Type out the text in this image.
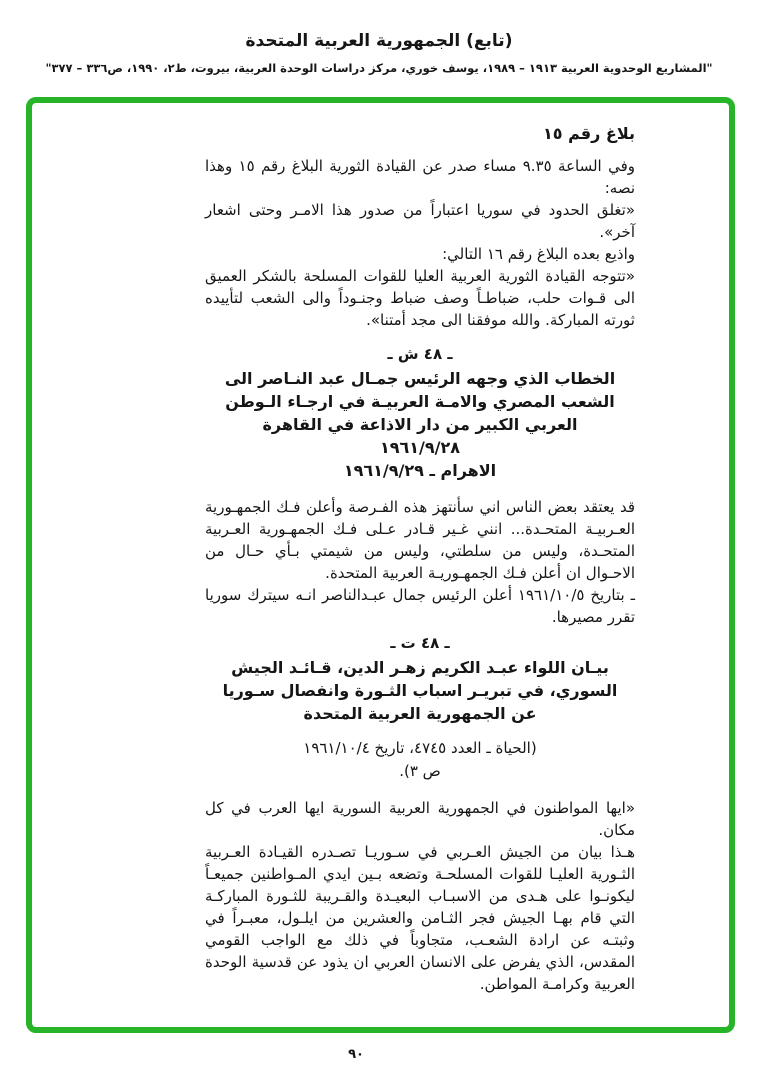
(تابع) الجمهورية العربية المتحدة
"المشاريع الوحدوية العربية ١٩١٣ – ١٩٨٩، يوسف خوري، مركز دراسات الوحدة العربية، بيروت، ط٢، ١٩٩٠، ص٣٣٦ – ٣٧٧"
بلاغ رقم ١٥

وفي الساعة ٩.٣٥ مساء صدر عن القيادة الثورية البلاغ رقم ١٥ وهذا نصه:

«تغلق الحدود في سوريا اعتباراً من صدور هذا الامـر وحتى اشعار آخر».

واذيع بعده البلاغ رقم ١٦ التالي:

«تتوجه القيادة الثورية العربية العليا للقوات المسلحة بالشكر العميق الى قـوات حلب، ضباطـاً وصف ضباط وجنـوداً والى الشعب لتأييده ثورته المباركة. والله موفقنا الى مجد أمتنا».

ـ ٤٨ ش ـ
الخطاب الذي وجهه الرئيس جمـال عبد النـاصر الى الشعب المصري والامـة العربيـة في ارجـاء الـوطن العربي الكبير من دار الاذاعة في القاهرة
١٩٦١/٩/٢٨
الاهرام ـ ١٩٦١/٩/٢٩

قد يعتقد بعض الناس اني سأنتهز هذه الفـرصة وأعلن فـك الجمهـورية العـربيـة المتحـدة... انني غـير قـادر عـلى فـك الجمهـورية العـربية المتحـدة، وليس من سلطتي، وليس من شيمتي بـأي حـال من الاحـوال ان أعلن فـك الجمهـوريـة العربية المتحدة.

ـ بتاريخ ١٩٦١/١٠/٥ أعلن الرئيس جمال عبـدالناصر انـه سيترك سوريا تقرر مصيرها.

ـ ٤٨ ت ـ
بيـان اللواء عبـد الكريم زهـر الدين، قـائـد الجيش السوري، في تبريـر اسباب الثـورة وانفصال سـوريا عن الجمهورية العربية المتحدة
(الحياة ـ العدد ٤٧٤٥، تاريخ ١٩٦١/١٠/٤
ص ٣).

«ايها المواطنون في الجمهورية العربية السورية ايها العرب في كل مكان.

هـذا بيان من الجيش العـربي في سـوريـا تصـدره القيـادة العـربية الثـورية العليـا للقوات المسلحـة وتضعه بـين ايدي المـواطنين جميعـاً ليكونـوا على هـدى من الاسبـاب البعيـدة والقـريبة للثـورة المباركـة التي قام بهـا الجيش فجر الثـامن والعشرين من ايلـول، معبـراً في وثبتـه عن ارادة الشعـب، متجاوباً في ذلك مع الواجب القومي المقدس، الذي يفرض على الانسان العربي ان يذود عن قدسية الوحدة العربية وكرامـة المواطن.

٩٠
